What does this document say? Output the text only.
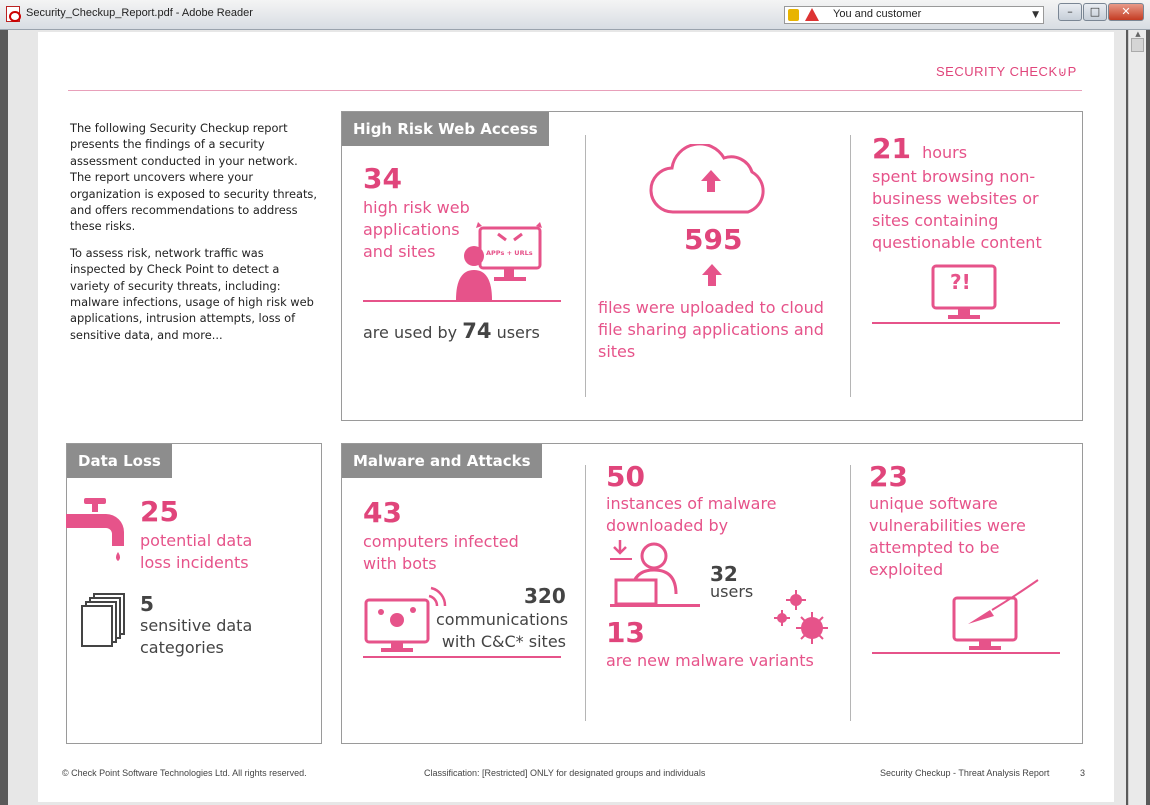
Security_Checkup_Report.pdf - Adobe Reader	You and customer	▼	–	□	✕
▲
SECURITY CHECK⊍P

The following Security Checkup report presents the findings of a security assessment conducted in your network. The report uncovers where your organization is exposed to security threats, and offers recommendations to address these risks.

To assess risk, network traffic was inspected by Check Point to detect a variety of security threats, including: malware infections, usage of high risk web applications, intrusion attempts, loss of sensitive data, and more...

High Risk Web Access
34
high risk web applications and sites	APPs + URLs
are used by 74 users
595
files were uploaded to cloud file sharing applications and sites
21 hours
spent browsing non-business websites or sites containing questionable content
?!
Data Loss
25
potential data loss incidents
5
sensitive data categories
Malware and Attacks
43
computers infected with bots
320
communications with C&C* sites
50
instances of malware downloaded by
32
users
13
are new malware variants
23
unique software vulnerabilities were attempted to be exploited
© Check Point Software Technologies Ltd. All rights reserved.	Classification: [Restricted] ONLY for designated groups and individuals	Security Checkup - Threat Analysis Report	3
